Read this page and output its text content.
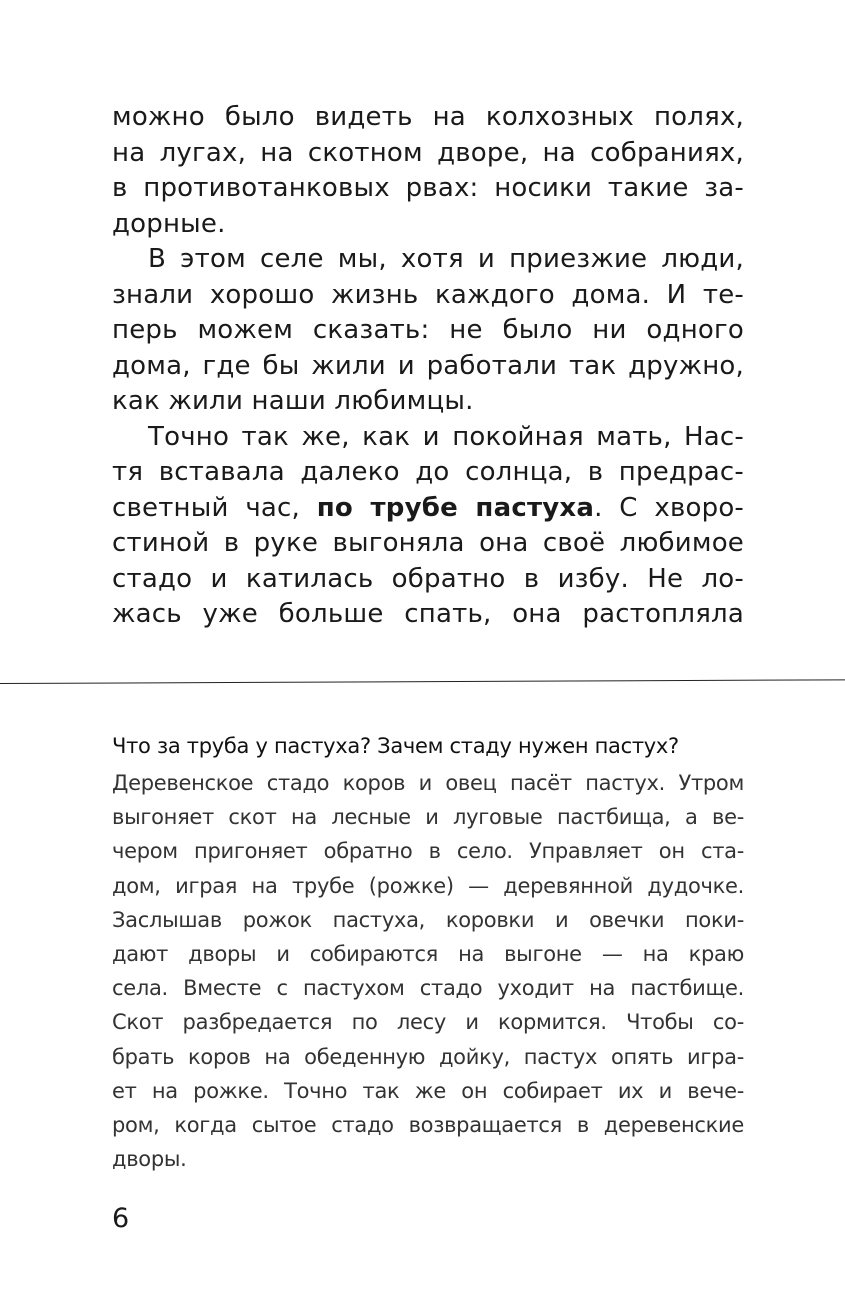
можно было видеть на колхозных полях,
на лугах, на скотном дворе, на собраниях,
в противотанковых рвах: носики такие за-
дорные.
В этом селе мы, хотя и приезжие люди,
знали хорошо жизнь каждого дома. И те-
перь можем сказать: не было ни одного
дома, где бы жили и работали так дружно,
как жили наши любимцы.
Точно так же, как и покойная мать, Нас-
тя вставала далеко до солнца, в предрас-
светный час, по трубе пастуха. С хворо-
стиной в руке выгоняла она своё любимое
стадо и катилась обратно в избу. Не ло-
жась уже больше спать, она растопляла
Что за труба у пастуха? Зачем стаду нужен пастух?
Деревенское стадо коров и овец пасёт пастух. Утром
выгоняет скот на лесные и луговые пастбища, а ве-
чером пригоняет обратно в село. Управляет он ста-
дом, играя на трубе (рожке) — деревянной дудочке.
Заслышав рожок пастуха, коровки и овечки поки-
дают дворы и собираются на выгоне — на краю
села. Вместе с пастухом стадо уходит на пастбище.
Скот разбредается по лесу и кормится. Чтобы со-
брать коров на обеденную дойку, пастух опять игра-
ет на рожке. Точно так же он собирает их и вече-
ром, когда сытое стадо возвращается в деревенские
дворы.
6
